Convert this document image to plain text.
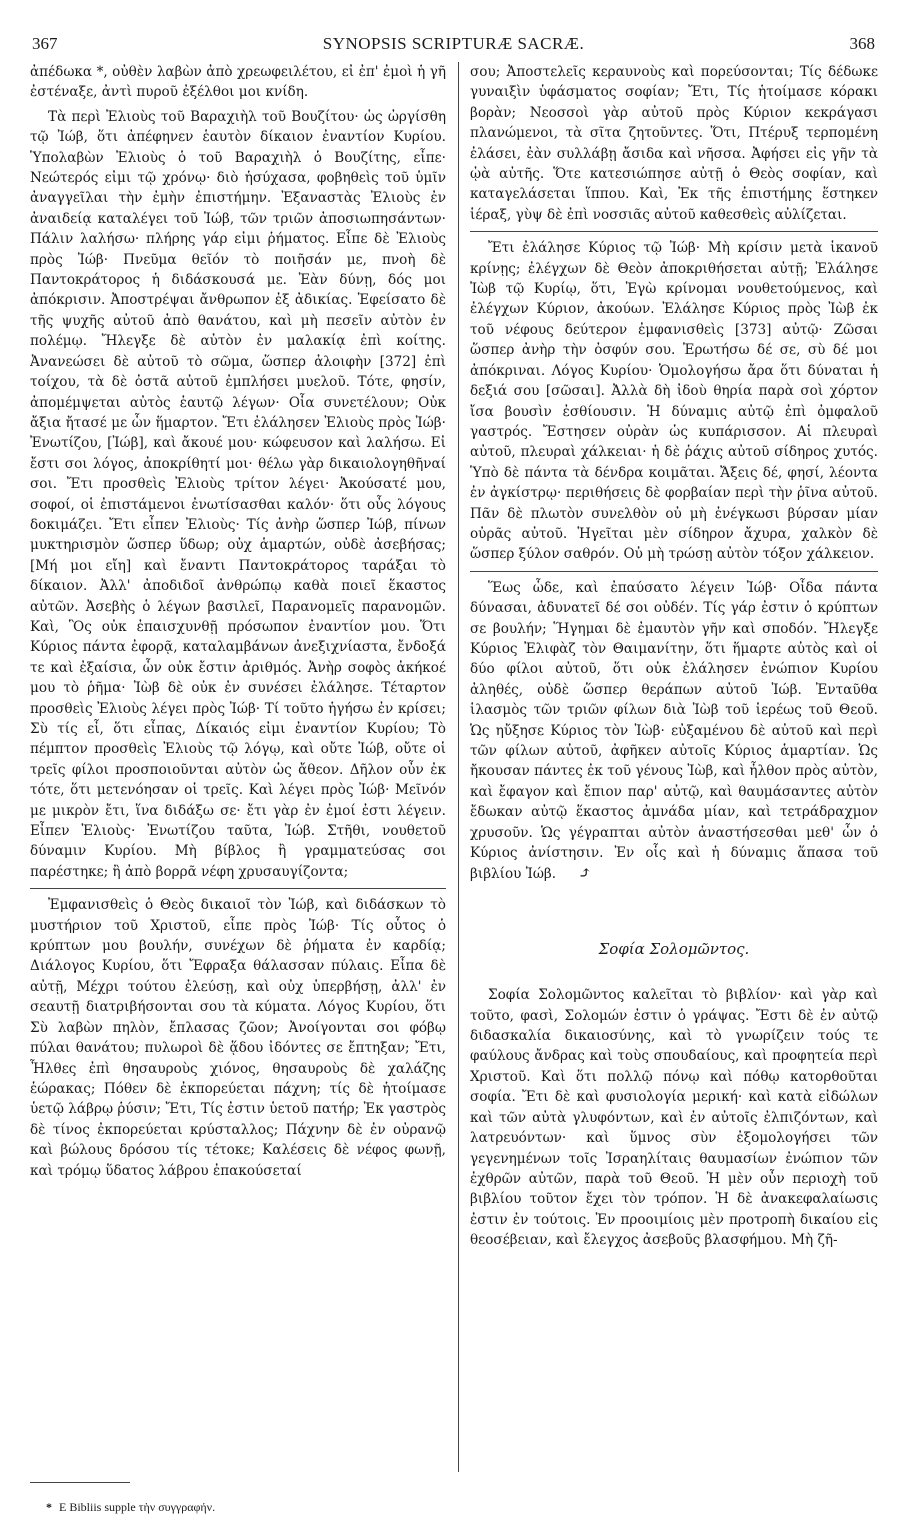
367	SYNOPSIS SCRIPTURÆ SACRÆ.	368

ἀπέδωκα *, οὐθὲν λαβὼν ἀπὸ χρεωφειλέτου, εἰ ἐπ' ἐμοὶ ἡ γῆ ἐστέναξε, ἀντὶ πυροῦ ἐξέλθοι μοι κνίδη.

Τὰ περὶ Ἐλιοὺς τοῦ Βαραχιὴλ τοῦ Βουζίτου· ὡς ὠργίσθη τῷ Ἰώβ, ὅτι ἀπέφηνεν ἑαυτὸν δίκαιον ἐναντίον Κυρίου. Ὑπολαβὼν Ἐλιοὺς ὁ τοῦ Βαραχιὴλ ὁ Βουζίτης, εἶπε· Νεώτερός εἰμι τῷ χρόνῳ· διὸ ἡσύχασα, φοβηθεὶς τοῦ ὑμῖν ἀναγγεῖλαι τὴν ἐμὴν ἐπιστήμην. Ἐξαναστὰς Ἐλιοὺς ἐν ἀναιδείᾳ καταλέγει τοῦ Ἰώβ, τῶν τριῶν ἀποσιωπησάντων· Πάλιν λαλήσω· πλήρης γάρ εἰμι ῥήματος. Εἶπε δὲ Ἐλιοὺς πρὸς Ἰώβ· Πνεῦμα θεῖόν τὸ ποιῆσάν με, πνοὴ δὲ Παντοκράτορος ἡ διδάσκουσά με. Ἐὰν δύνῃ, δός μοι ἀπόκρισιν. Ἀποστρέψαι ἄνθρωπον ἐξ ἀδικίας. Ἐφείσατο δὲ τῆς ψυχῆς αὐτοῦ ἀπὸ θανάτου, καὶ μὴ πεσεῖν αὐτὸν ἐν πολέμῳ. Ἤλεγξε δὲ αὐτὸν ἐν μαλακίᾳ ἐπὶ κοίτης. Ἀνανεώσει δὲ αὐτοῦ τὸ σῶμα, ὥσπερ ἀλοιφὴν [372] ἐπὶ τοίχου, τὰ δὲ ὀστᾶ αὐτοῦ ἐμπλήσει μυελοῦ. Τότε, φησίν, ἀπομέμψεται αὐτὸς ἑαυτῷ λέγων· Οἷα συνετέλουν; Οὐκ ἄξια ἤτασέ με ὧν ἥμαρτον. Ἔτι ἐλάλησεν Ἐλιοὺς πρὸς Ἰώβ· Ἐνωτίζου, [Ἰώβ], καὶ ἄκουέ μου· κώφευσον καὶ λαλήσω. Εἰ ἔστι σοι λόγος, ἀποκρίθητί μοι· θέλω γὰρ δικαιολογηθῆναί σοι. Ἔτι προσθεὶς Ἐλιοὺς τρίτον λέγει· Ἀκούσατέ μου, σοφοί, οἱ ἐπιστάμενοι ἐνωτίσασθαι καλόν· ὅτι οὖς λόγους δοκιμάζει. Ἔτι εἶπεν Ἐλιοὺς· Τίς ἀνὴρ ὥσπερ Ἰώβ, πίνων μυκτηρισμὸν ὥσπερ ὕδωρ; οὐχ ἁμαρτών, οὐδὲ ἀσεβήσας; [Μή μοι εἴη] καὶ ἔναντι Παντοκράτορος ταράξαι τὸ δίκαιον. Ἀλλ' ἀποδιδοῖ ἀνθρώπῳ καθὰ ποιεῖ ἕκαστος αὐτῶν. Ἀσεβὴς ὁ λέγων βασιλεῖ, Παρανομεῖς παρανομῶν. Καὶ, Ὃς οὐκ ἐπαισχυνθῇ πρόσωπον ἐναντίον μου. Ὅτι Κύριος πάντα ἐφορᾷ, καταλαμβάνων ἀνεξιχνίαστα, ἔνδοξά τε καὶ ἐξαίσια, ὧν οὐκ ἔστιν ἀριθμός. Ἀνὴρ σοφὸς ἀκήκοέ μου τὸ ῥῆμα· Ἰὼβ δὲ οὐκ ἐν συνέσει ἐλάλησε. Τέταρτον προσθεὶς Ἐλιοὺς λέγει πρὸς Ἰώβ· Τί τοῦτο ἡγήσω ἐν κρίσει; Σὺ τίς εἶ, ὅτι εἶπας, Δίκαιός εἰμι ἐναντίον Κυρίου; Τὸ πέμπτον προσθεὶς Ἐλιοὺς τῷ λόγῳ, καὶ οὔτε Ἰώβ, οὔτε οἱ τρεῖς φίλοι προσποιοῦνται αὐτὸν ὡς ἄθεον. Δῆλον οὖν ἐκ τότε, ὅτι μετενόησαν οἱ τρεῖς. Καὶ λέγει πρὸς Ἰώβ· Μεῖνόν με μικρὸν ἔτι, ἵνα διδάξω σε· ἔτι γὰρ ἐν ἐμοί ἐστι λέγειν. Εἶπεν Ἐλιοὺς· Ἐνωτίζου ταῦτα, Ἰώβ. Στῆθι, νουθετοῦ δύναμιν Κυρίου. Μὴ βίβλος ἢ γραμματεύσας σοι παρέστηκε; ἢ ἀπὸ βορρᾶ νέφη χρυσαυγίζοντα;

Ἐμφανισθεὶς ὁ Θεὸς δικαιοῖ τὸν Ἰώβ, καὶ διδάσκων τὸ μυστήριον τοῦ Χριστοῦ, εἶπε πρὸς Ἰώβ· Τίς οὗτος ὁ κρύπτων μου βουλήν, συνέχων δὲ ῥήματα ἐν καρδίᾳ; Διάλογος Κυρίου, ὅτι Ἔφραξα θάλασσαν πύλαις. Εἶπα δὲ αὐτῇ, Μέχρι τούτου ἐλεύσῃ, καὶ οὐχ ὑπερβήσῃ, ἀλλ' ἐν σεαυτῇ διατριβήσονται σου τὰ κύματα. Λόγος Κυρίου, ὅτι Σὺ λαβὼν πηλὸν, ἔπλασας ζῶον; Ἀνοίγονται σοι φόβῳ πύλαι θανάτου; πυλωροὶ δὲ ᾅδου ἰδόντες σε ἔπτηξαν; Ἔτι, Ἦλθες ἐπὶ θησαυροὺς χιόνος, θησαυροὺς δὲ χαλάζης ἑώρακας; Πόθεν δὲ ἐκπορεύεται πάχνη; τίς δὲ ἡτοίμασε ὑετῷ λάβρῳ ῥύσιν; Ἔτι, Τίς ἐστιν ὑετοῦ πατήρ; Ἐκ γαστρὸς δὲ τίνος ἐκπορεύεται κρύσταλλος; Πάχνην δὲ ἐν οὐρανῷ καὶ βώλους δρόσου τίς τέτοκε; Καλέσεις δὲ νέφος φωνῇ, καὶ τρόμῳ ὕδατος λάβρου ἐπακούσεταί

σου; Ἀποστελεῖς κεραυνοὺς καὶ πορεύσονται; Τίς δέδωκε γυναιξὶν ὑφάσματος σοφίαν; Ἔτι, Τίς ἡτοίμασε κόρακι βορὰν; Νεοσσοὶ γὰρ αὐτοῦ πρὸς Κύριον κεκράγασι πλανώμενοι, τὰ σῖτα ζητοῦντες. Ὅτι, Πτέρυξ τερπομένη ἐλάσει, ἐὰν συλλάβῃ ἄσιδα καὶ νῆσσα. Ἀφήσει εἰς γῆν τὰ ᾠὰ αὐτῆς. Ὅτε κατεσιώπησε αὐτῇ ὁ Θεὸς σοφίαν, καὶ καταγελάσεται ἵππου. Καὶ, Ἐκ τῆς ἐπιστήμης ἕστηκεν ἱέραξ, γὺψ δὲ ἐπὶ νοσσιᾶς αὐτοῦ καθεσθεὶς αὐλίζεται.

Ἔτι ἐλάλησε Κύριος τῷ Ἰώβ· Μὴ κρίσιν μετὰ ἱκανοῦ κρίνῃς; ἐλέγχων δὲ Θεὸν ἀποκριθήσεται αὐτῇ; Ἐλάλησε Ἰὼβ τῷ Κυρίῳ, ὅτι, Ἐγὼ κρίνομαι νουθετούμενος, καὶ ἐλέγχων Κύριον, ἀκούων. Ἐλάλησε Κύριος πρὸς Ἰὼβ ἐκ τοῦ νέφους δεύτερον ἐμφανισθεὶς [373] αὐτῷ· Ζῶσαι ὥσπερ ἀνὴρ τὴν ὀσφύν σου. Ἐρωτήσω δέ σε, σὺ δέ μοι ἀπόκριναι. Λόγος Κυρίου· Ὁμολογήσω ἄρα ὅτι δύναται ἡ δεξιά σου [σῶσαι]. Ἀλλὰ δὴ ἰδοὺ θηρία παρὰ σοὶ χόρτον ἴσα βουσὶν ἐσθίουσιν. Ἡ δύναμις αὐτῷ ἐπὶ ὀμφαλοῦ γαστρός. Ἔστησεν οὐρὰν ὡς κυπάρισσον. Αἱ πλευραὶ αὐτοῦ, πλευραὶ χάλκειαι· ἡ δὲ ῥάχις αὐτοῦ σίδηρος χυτός. Ὑπὸ δὲ πάντα τὰ δένδρα κοιμᾶται. Ἄξεις δέ, φησί, λέοντα ἐν ἀγκίστρῳ· περιθήσεις δὲ φορβαίαν περὶ τὴν ῥῖνα αὐτοῦ. Πᾶν δὲ πλωτὸν συνελθὸν οὐ μὴ ἐνέγκωσι βύρσαν μίαν οὐρᾶς αὐτοῦ. Ἡγεῖται μὲν σίδηρον ἄχυρα, χαλκὸν δὲ ὥσπερ ξύλον σαθρόν. Οὐ μὴ τρώσῃ αὐτὸν τόξον χάλκειον.

Ἕως ὧδε, καὶ ἐπαύσατο λέγειν Ἰώβ· Οἶδα πάντα δύνασαι, ἀδυνατεῖ δέ σοι οὐδέν. Τίς γάρ ἐστιν ὁ κρύπτων σε βουλήν; Ἥγημαι δὲ ἐμαυτὸν γῆν καὶ σποδόν. Ἤλεγξε Κύριος Ἐλιφὰζ τὸν Θαιμανίτην, ὅτι ἥμαρτε αὐτὸς καὶ οἱ δύο φίλοι αὐτοῦ, ὅτι οὐκ ἐλάλησεν ἐνώπιον Κυρίου ἀληθές, οὐδὲ ὥσπερ θεράπων αὐτοῦ Ἰώβ. Ἐνταῦθα ἱλασμὸς τῶν τριῶν φίλων διὰ Ἰὼβ τοῦ ἱερέως τοῦ Θεοῦ. Ὡς ηὔξησε Κύριος τὸν Ἰὼβ· εὐξαμένου δὲ αὐτοῦ καὶ περὶ τῶν φίλων αὐτοῦ, ἀφῆκεν αὐτοῖς Κύριος ἁμαρτίαν. Ὡς ἤκουσαν πάντες ἐκ τοῦ γένους Ἰὼβ, καὶ ἦλθον πρὸς αὐτὸν, καὶ ἔφαγον καὶ ἔπιον παρ' αὐτῷ, καὶ θαυμάσαντες αὐτὸν ἔδωκαν αὐτῷ ἕκαστος ἀμνάδα μίαν, καὶ τετράδραχμον χρυσοῦν. Ὡς γέγραπται αὐτὸν ἀναστήσεσθαι μεθ' ὧν ὁ Κύριος ἀνίστησιν. Ἐν οἷς καὶ ἡ δύναμις ἅπασα τοῦ βιβλίου Ἰώβ. ⤴

Σοφία Σολομῶντος.

Σοφία Σολομῶντος καλεῖται τὸ βιβλίον· καὶ γὰρ καὶ τοῦτο, φασὶ, Σολομών ἐστιν ὁ γράψας. Ἔστι δὲ ἐν αὐτῷ διδασκαλία δικαιοσύνης, καὶ τὸ γνωρίζειν τούς τε φαύλους ἄνδρας καὶ τοὺς σπουδαίους, καὶ προφητεία περὶ Χριστοῦ. Καὶ ὅτι πολλῷ πόνῳ καὶ πόθῳ κατορθοῦται σοφία. Ἔτι δὲ καὶ φυσιολογία μερική· καὶ κατὰ εἰδώλων καὶ τῶν αὐτὰ γλυφόντων, καὶ ἐν αὐτοῖς ἐλπιζόντων, καὶ λατρευόντων· καὶ ὕμνος σὺν ἐξομολογήσει τῶν γεγενημένων τοῖς Ἰσραηλίταις θαυμασίων ἐνώπιον τῶν ἐχθρῶν αὐτῶν, παρὰ τοῦ Θεοῦ. Ἡ μὲν οὖν περιοχὴ τοῦ βιβλίου τοῦτον ἔχει τὸν τρόπον. Ἡ δὲ ἀνακεφαλαίωσις ἐστιν ἐν τούτοις. Ἐν προοιμίοις μὲν προτροπὴ δικαίου εἰς θεοσέβειαν, καὶ ἔλεγχος ἀσεβοῦς βλασφήμου. Μὴ ζῆ-

* E Bibliis supple τὴν συγγραφήν.
